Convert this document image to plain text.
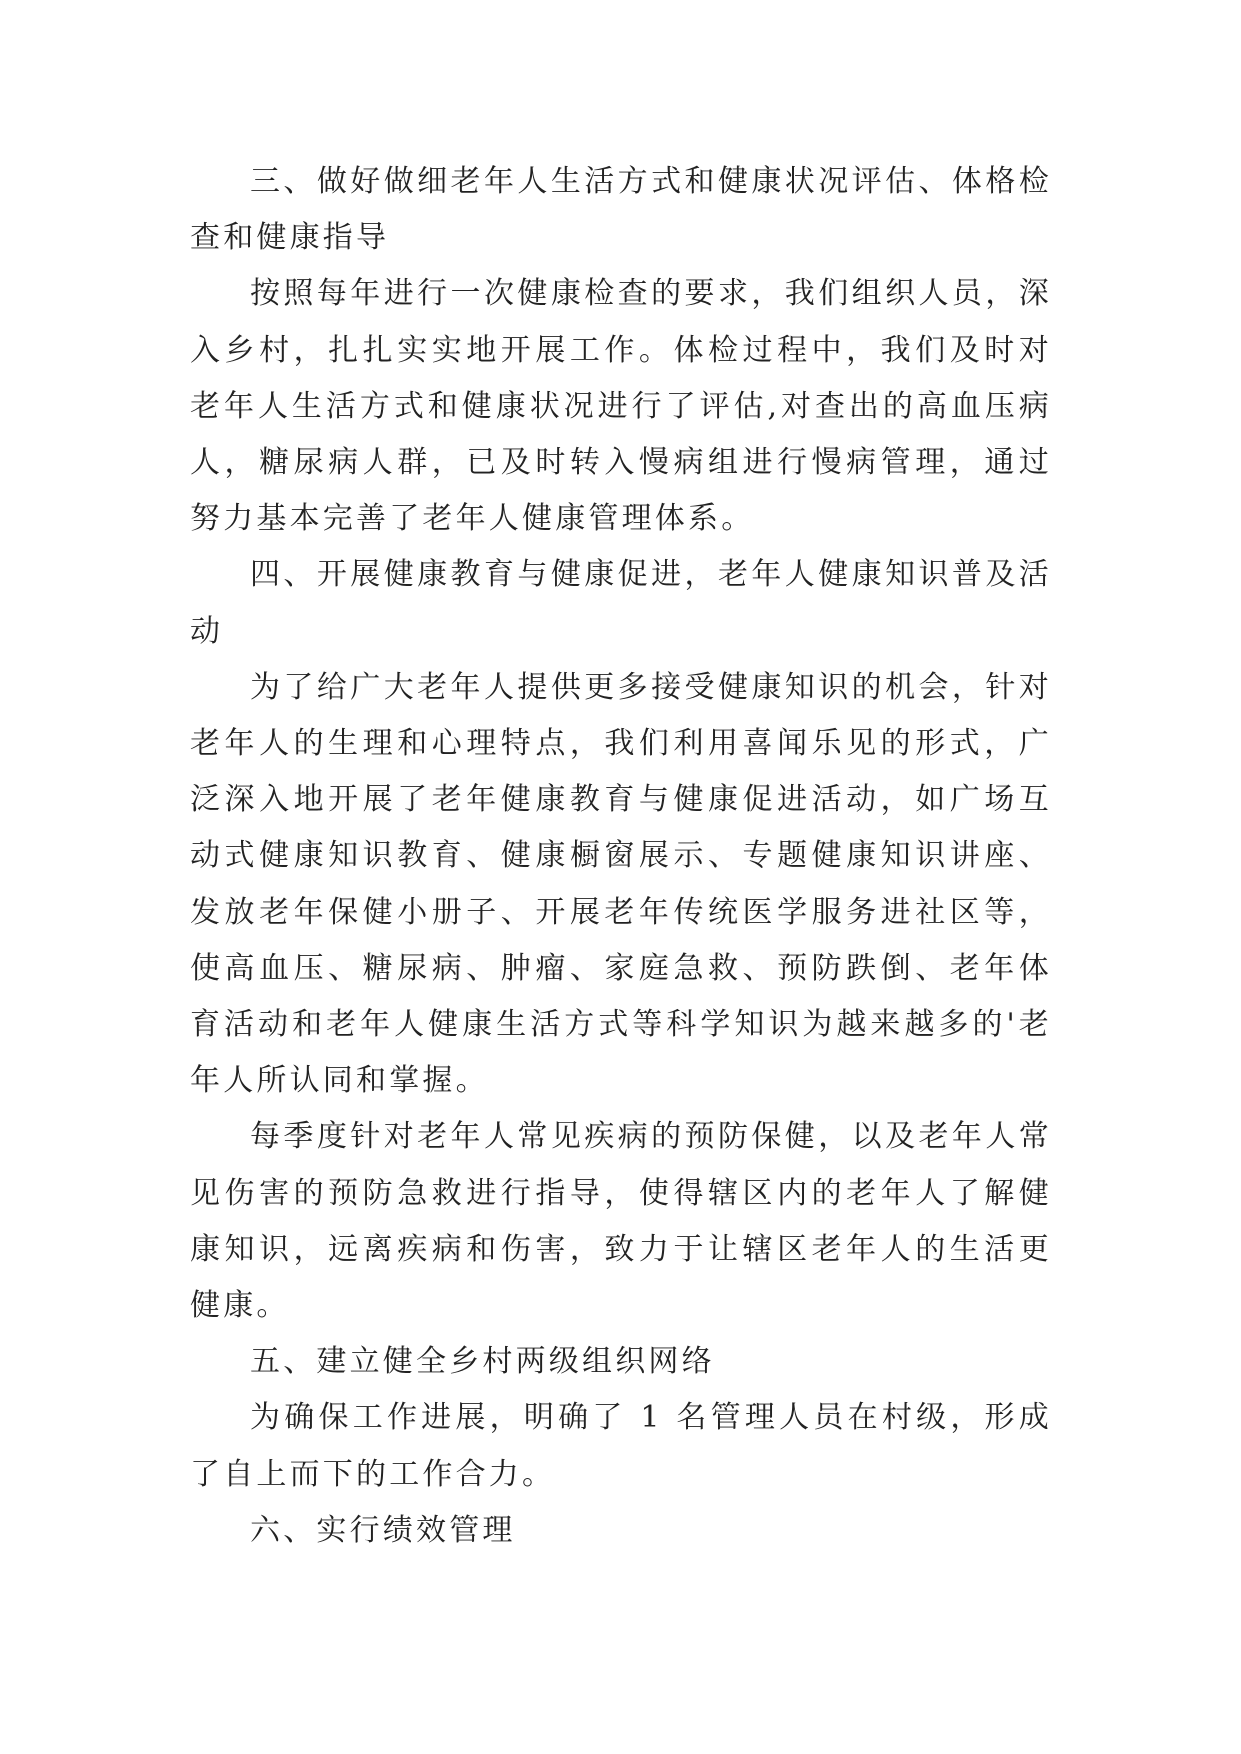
三、做好做细老年人生活方式和健康状况评估、体格检查和健康指导

按照每年进行一次健康检查的要求，我们组织人员，深入乡村，扎扎实实地开展工作。体检过程中，我们及时对老年人生活方式和健康状况进行了评估,对查出的高血压病人，糖尿病人群，已及时转入慢病组进行慢病管理，通过努力基本完善了老年人健康管理体系。

四、开展健康教育与健康促进，老年人健康知识普及活动

为了给广大老年人提供更多接受健康知识的机会，针对老年人的生理和心理特点，我们利用喜闻乐见的形式，广泛深入地开展了老年健康教育与健康促进活动，如广场互动式健康知识教育、健康橱窗展示、专题健康知识讲座、发放老年保健小册子、开展老年传统医学服务进社区等，使高血压、糖尿病、肿瘤、家庭急救、预防跌倒、老年体育活动和老年人健康生活方式等科学知识为越来越多的'老年人所认同和掌握。

每季度针对老年人常见疾病的预防保健，以及老年人常见伤害的预防急救进行指导，使得辖区内的老年人了解健康知识，远离疾病和伤害，致力于让辖区老年人的生活更健康。

五、建立健全乡村两级组织网络

为确保工作进展，明确了 1 名管理人员在村级，形成了自上而下的工作合力。

六、实行绩效管理
